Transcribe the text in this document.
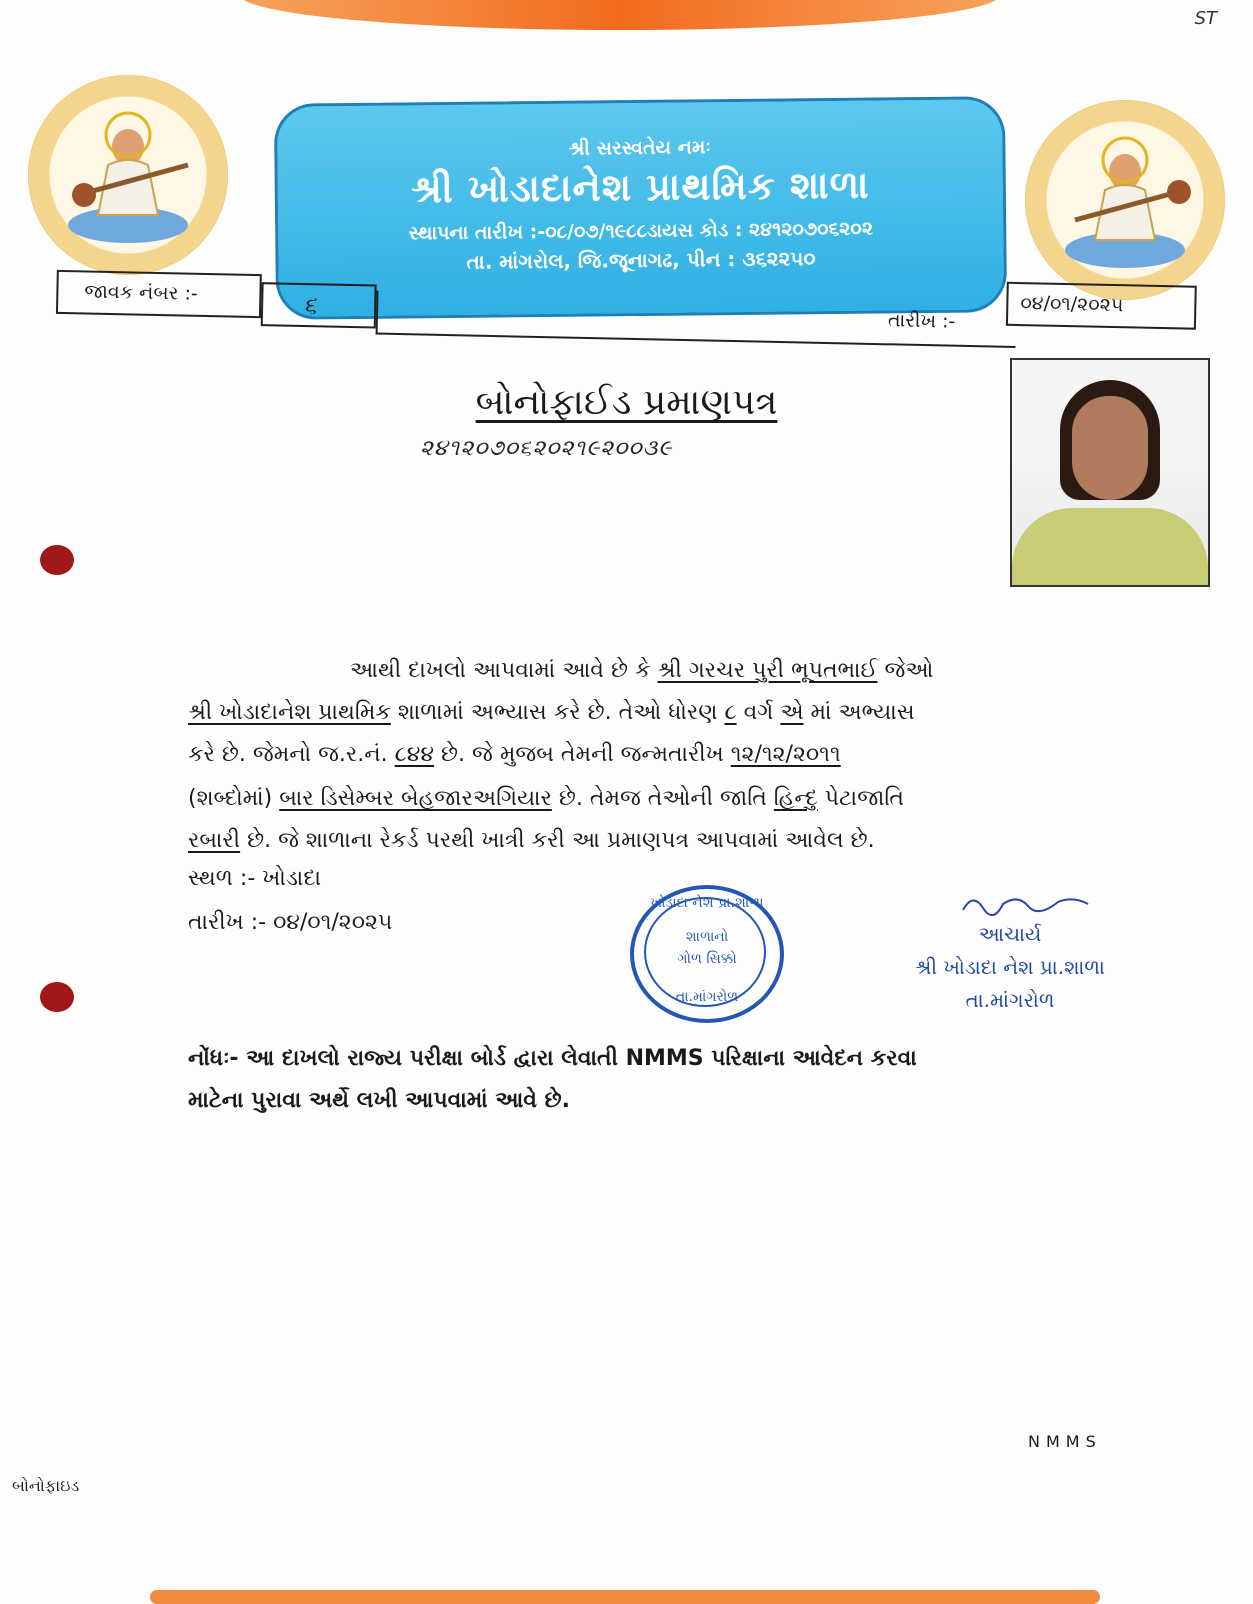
ST
શ્રી સરસ્વતેય નમઃ
શ્રી ખોડાદાનેશ પ્રાથમિક શાળા
સ્થાપના તારીખ :-૦૮/૦૭/૧૯૮૮ડાયસ કોડ : ૨૪૧૨૦૭૦૬૨૦૨
તા. માંગરોલ, જિ.જૂનાગઢ, પીન : ૩૬૨૨૫૦
જાવક નંબર :-	૬
તારીખ :-
૦૪/૦૧/૨૦૨૫
બોનોફાઈડ પ્રમાણપત્ર
૨૪૧૨૦૭૦૬૨૦૨૧૯૨૦૦૩૯
આથી દાખલો આપવામાં આવે છે કે શ્રી ગરચર પુરી ભૂપતભાઈ જેઓ
શ્રી ખોડાદાનેશ પ્રાથમિક શાળામાં અભ્યાસ કરે છે. તેઓ ધોરણ ૮ વર્ગ એ માં અભ્યાસ
કરે છે. જેમનો જ.ર.નં. ૮૪૪ છે. જે મુજબ તેમની જન્મતારીખ ૧૨/૧૨/૨૦૧૧
(શબ્દોમાં) બાર ડિસેમ્બર બેહજારઅગિયાર છે. તેમજ તેઓની જાતિ હિન્દુ પેટાજાતિ
રબારી છે. જે શાળાના રેકર્ડ પરથી ખાત્રી કરી આ પ્રમાણપત્ર આપવામાં આવેલ છે.
સ્થળ :- ખોડાદા
તારીખ :- ૦૪/૦૧/૨૦૨૫
ખોડાદા નેશ પ્રા.શાળા
શાળાનો
ગોળ સિક્કો
તા.માંગરોળ
આચાર્ય
શ્રી ખોડાદા નેશ પ્રા.શાળા
તા.માંગરોળ
નોંધઃ- આ દાખલો રાજ્ય પરીક્ષા બોર્ડ દ્વારા લેવાતી NMMS પરિક્ષાના આવેદન કરવા
માટેના પુરાવા અર્થે લખી આપવામાં આવે છે.
NMMS
બોનોફાઇડ
